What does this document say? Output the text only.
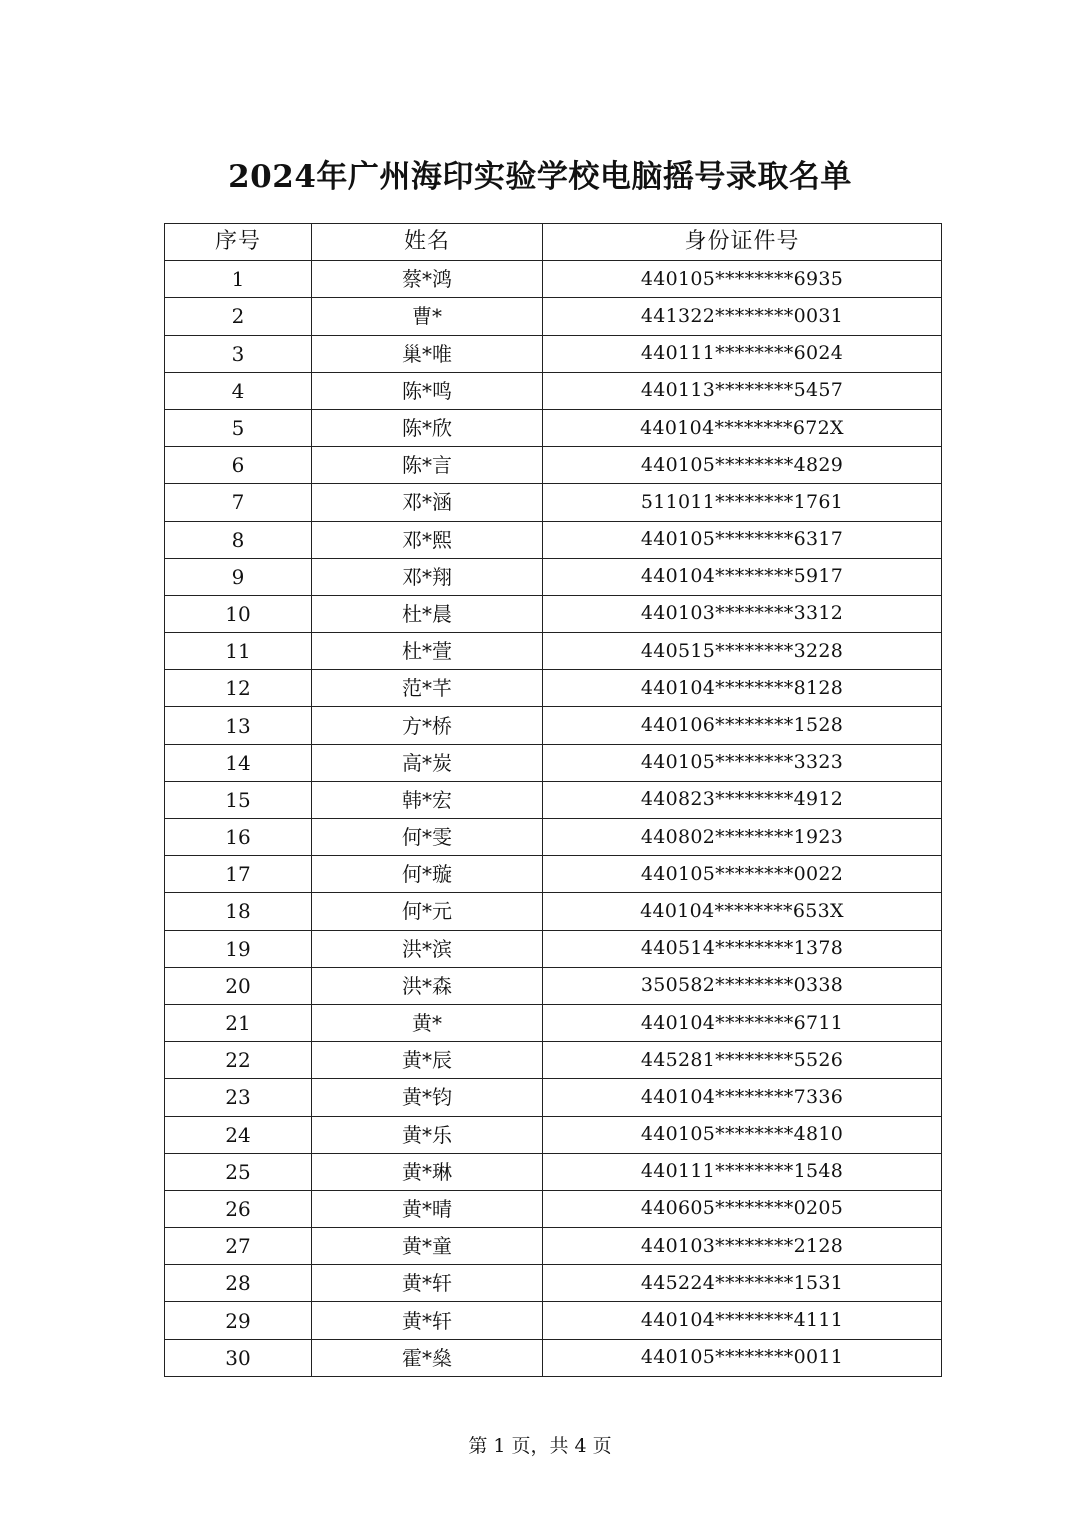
2024年广州海印实验学校电脑摇号录取名单
序号	姓名	身份证件号
1	蔡*鸿	440105********6935
2	曹*	441322********0031
3	巢*唯	440111********6024
4	陈*鸣	440113********5457
5	陈*欣	440104********672X
6	陈*言	440105********4829
7	邓*涵	511011********1761
8	邓*熙	440105********6317
9	邓*翔	440104********5917
10	杜*晨	440103********3312
11	杜*萱	440515********3228
12	范*芊	440104********8128
13	方*桥	440106********1528
14	高*炭	440105********3323
15	韩*宏	440823********4912
16	何*雯	440802********1923
17	何*璇	440105********0022
18	何*元	440104********653X
19	洪*滨	440514********1378
20	洪*森	350582********0338
21	黄*	440104********6711
22	黄*辰	445281********5526
23	黄*钧	440104********7336
24	黄*乐	440105********4810
25	黄*琳	440111********1548
26	黄*晴	440605********0205
27	黄*童	440103********2128
28	黄*轩	445224********1531
29	黄*轩	440104********4111
30	霍*燊	440105********0011
第 1 页，共 4 页
